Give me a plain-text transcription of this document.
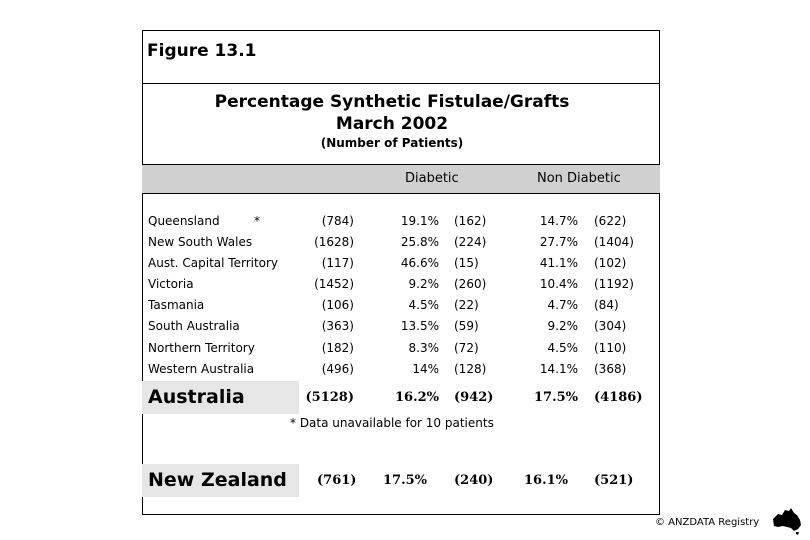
Figure 13.1
Percentage Synthetic Fistulae/Grafts
March 2002
(Number of Patients)
Diabetic	Non Diabetic
Queensland	*	(784)	19.1% (162)	14.7% (622)
New South Wales	(1628)	25.8% (224)	27.7% (1404)
Aust. Capital Territory	(117)	46.6% (15)	41.1% (102)
Victoria	(1452)	9.2% (260)	10.4% (1192)
Tasmania	(106)	4.5% (22)	4.7% (84)
South Australia	(363)	13.5% (59)	9.2% (304)
Northern Territory	(182)	8.3% (72)	4.5% (110)
Western Australia	(496)	14% (128)	14.1% (368)
Australia	(5128)	16.2% (942)	17.5% (4186)
* Data unavailable for 10 patients
New Zealand (761) 17.5% (240) 16.1% (521)
© ANZDATA Registry
